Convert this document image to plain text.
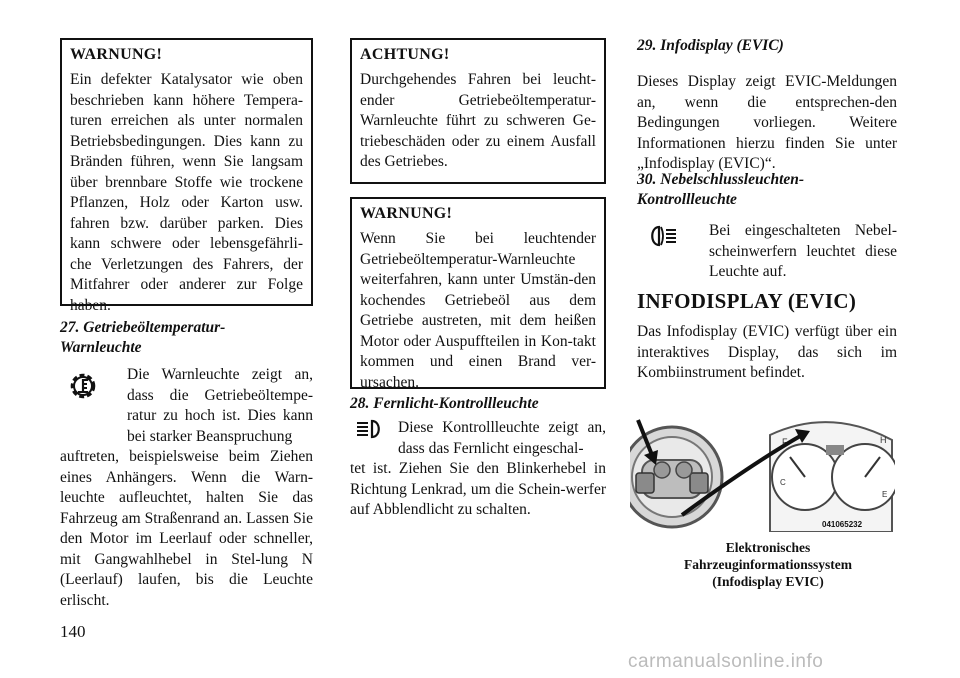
WARNUNG!

Ein defekter Katalysator wie oben beschrieben kann höhere Tempera-turen erreichen als unter normalen Betriebsbedingungen. Dies kann zu Bränden führen, wenn Sie langsam über brennbare Stoffe wie trockene Pflanzen, Holz oder Karton usw. fahren bzw. darüber parken. Dies kann schwere oder lebensgefährli-che Verletzungen des Fahrers, der Mitfahrer oder anderer zur Folge haben.

27. Getriebeöltemperatur-
Warnleuchte

Die Warnleuchte zeigt an, dass die Getriebeöltempe-ratur zu hoch ist. Dies kann bei starker Beanspruchung

auftreten, beispielsweise beim Ziehen eines Anhängers. Wenn die Warn-leuchte aufleuchtet, halten Sie das Fahrzeug am Straßenrand an. Lassen Sie den Motor im Leerlauf oder schneller, mit Gangwahlhebel in Stel-lung N (Leerlauf) laufen, bis die Leuchte erlischt.

ACHTUNG!

Durchgehendes Fahren bei leucht-ender Getriebeöltemperatur-Warnleuchte führt zu schweren Ge-triebeschäden oder zu einem Ausfall des Getriebes.

WARNUNG!

Wenn Sie bei leuchtender Getriebeöltemperatur-Warnleuchte weiterfahren, kann unter Umstän-den kochendes Getriebeöl aus dem Getriebe austreten, mit dem heißen Motor oder Auspuffteilen in Kon-takt kommen und einen Brand ver-ursachen.

28. Fernlicht-Kontrollleuchte

Diese Kontrollleuchte zeigt an, dass das Fernlicht eingeschal-

tet ist. Ziehen Sie den Blinkerhebel in Richtung Lenkrad, um die Schein-werfer auf Abblendlicht zu schalten.

29. Infodisplay (EVIC)

Dieses Display zeigt EVIC-Meldungen an, wenn die entsprechen-den Bedingungen vorliegen. Weitere Informationen hierzu finden Sie unter „Infodisplay (EVIC)“.

30. Nebelschlussleuchten-
Kontrollleuchte

Bei eingeschalteten Nebel-scheinwerfern leuchtet diese Leuchte auf.

INFODISPLAY (EVIC)

Das Infodisplay (EVIC) verfügt über ein interaktives Display, das sich im Kombiinstrument befindet.

F	H
C
E
041065232
Elektronisches
Fahrzeuginformationssystem
(Infodisplay EVIC)
140
carmanualsonline.info
